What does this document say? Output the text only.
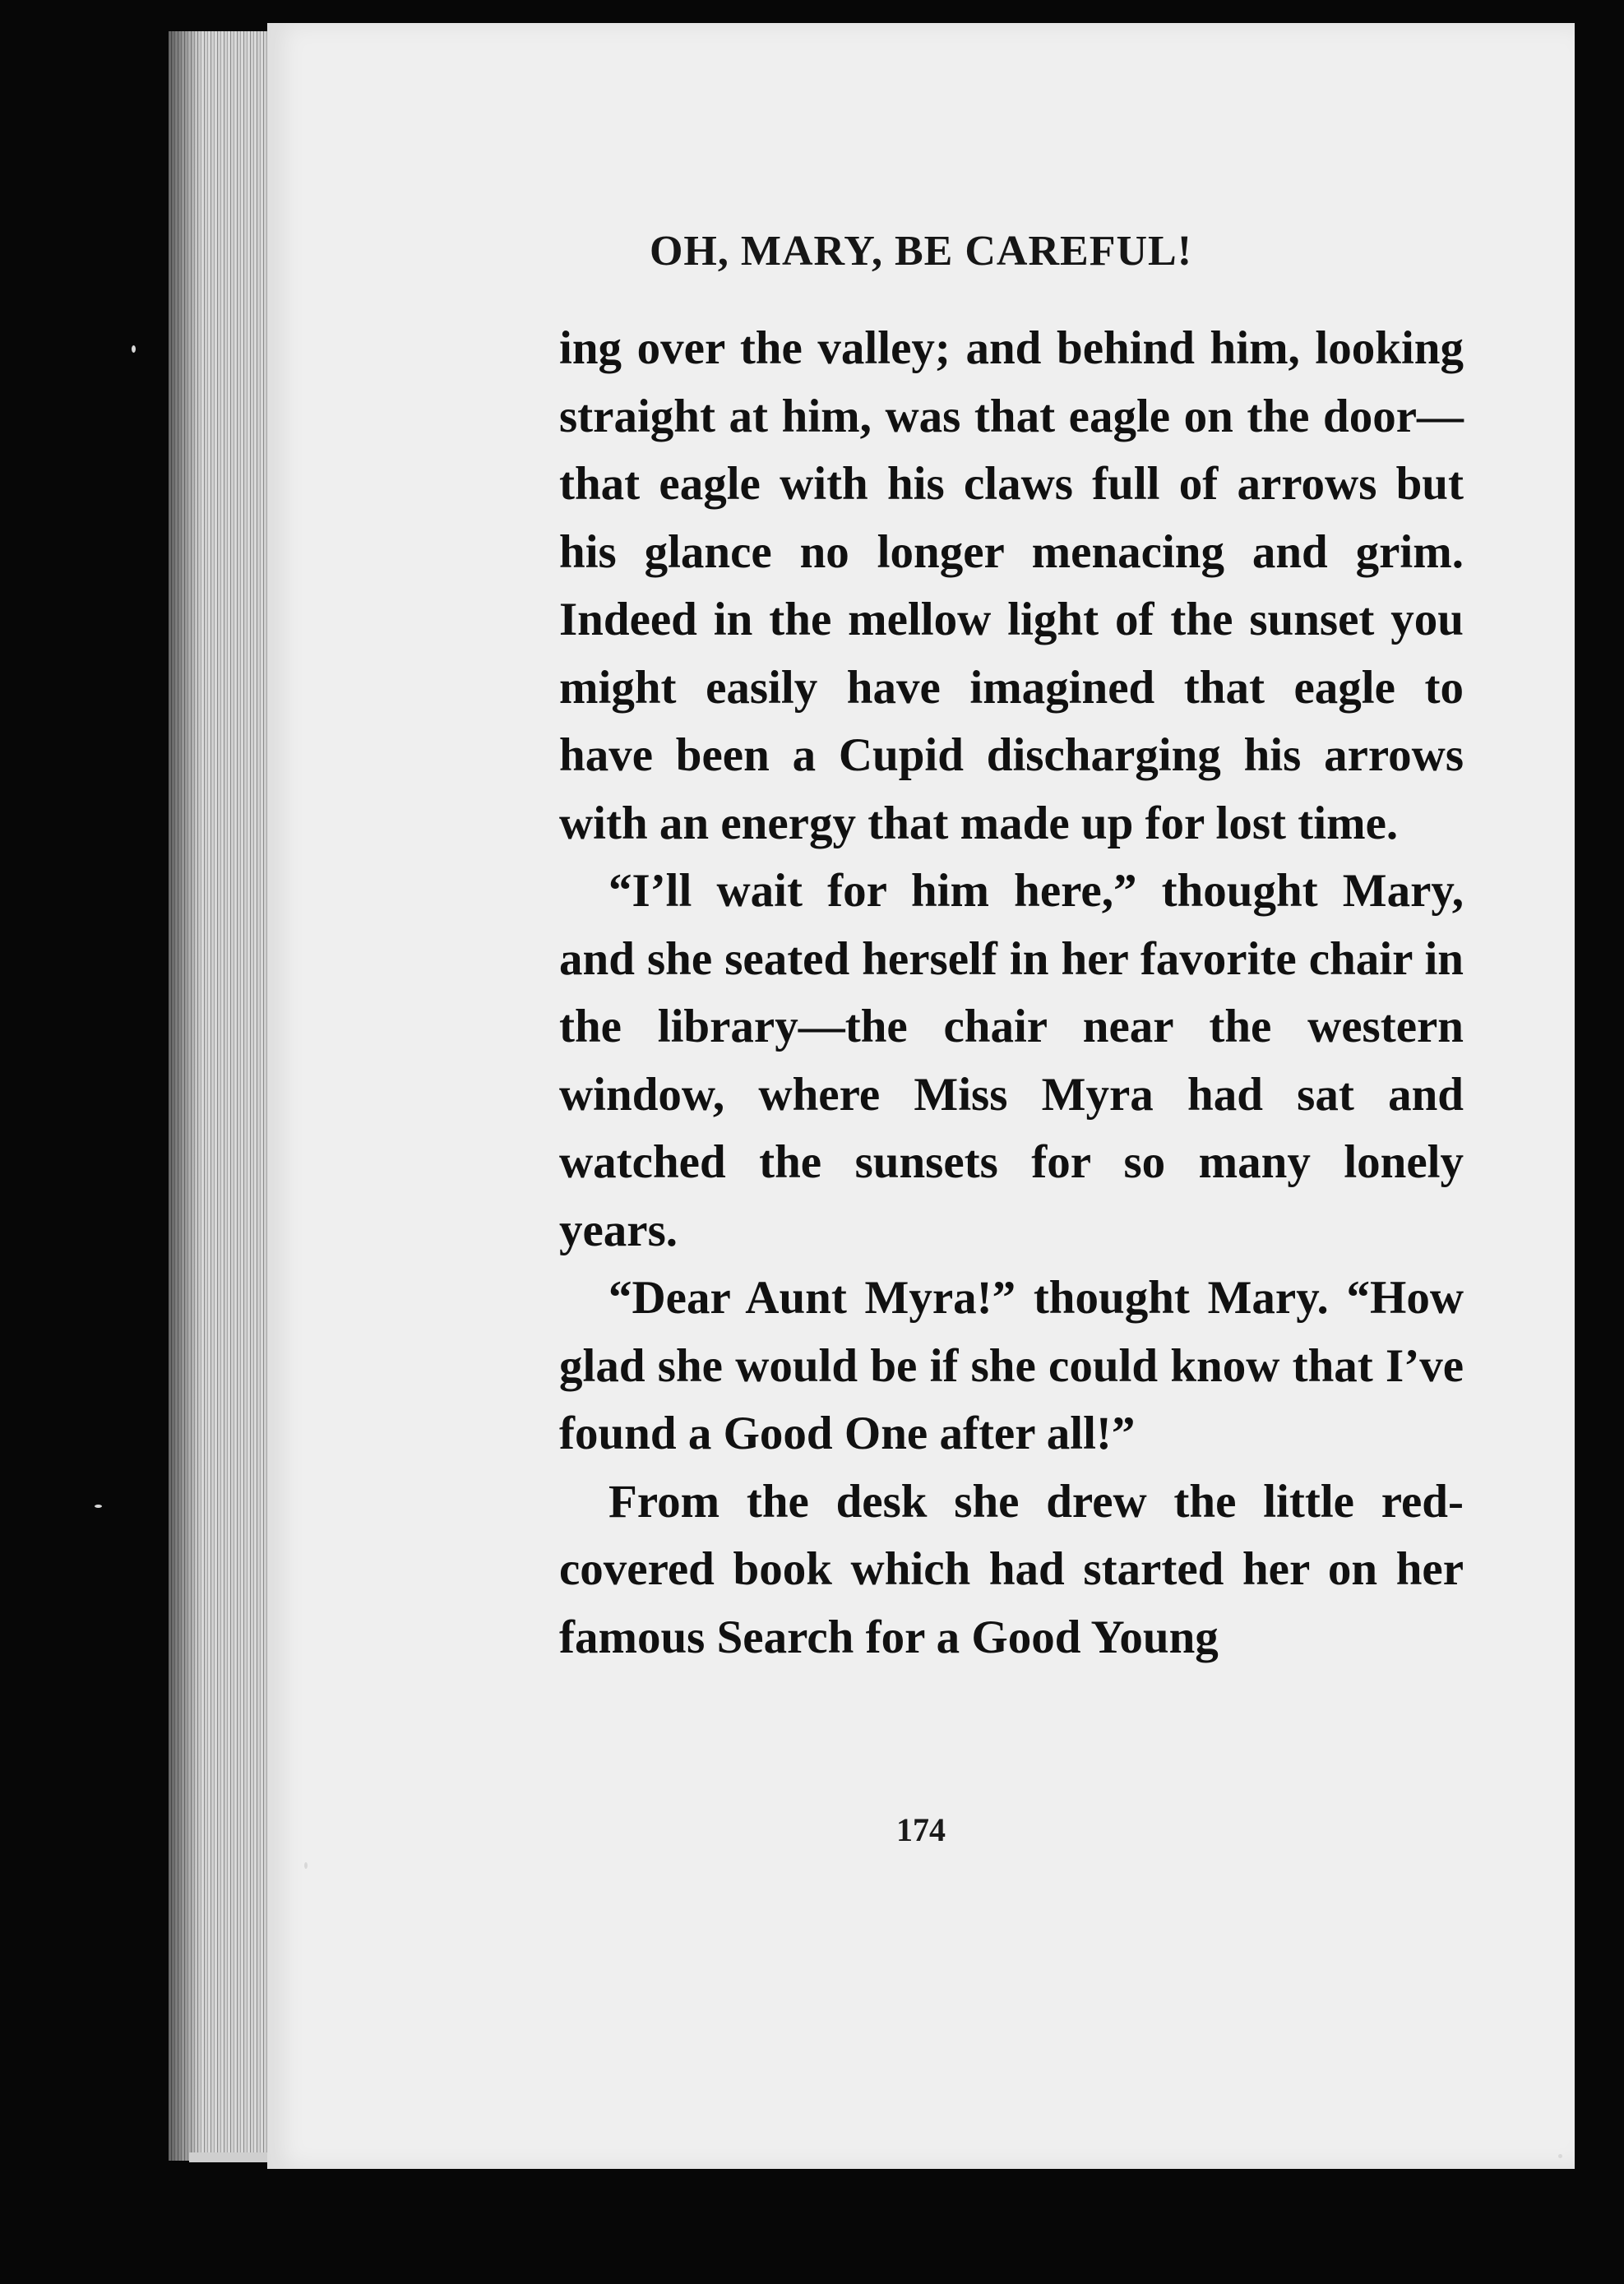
OH, MARY, BE CAREFUL!

ing over the valley; and behind him, looking straight at him, was that eagle on the door—that eagle with his claws full of arrows but his glance no longer menacing and grim. Indeed in the mellow light of the sunset you might easily have imagined that eagle to have been a Cupid discharging his arrows with an energy that made up for lost time.

“I’ll wait for him here,” thought Mary, and she seated herself in her favorite chair in the library—the chair near the western window, where Miss Myra had sat and watched the sunsets for so many lonely years.

“Dear Aunt Myra!” thought Mary. “How glad she would be if she could know that I’ve found a Good One after all!”

From the desk she drew the little red-covered book which had started her on her famous Search for a Good Young

174
